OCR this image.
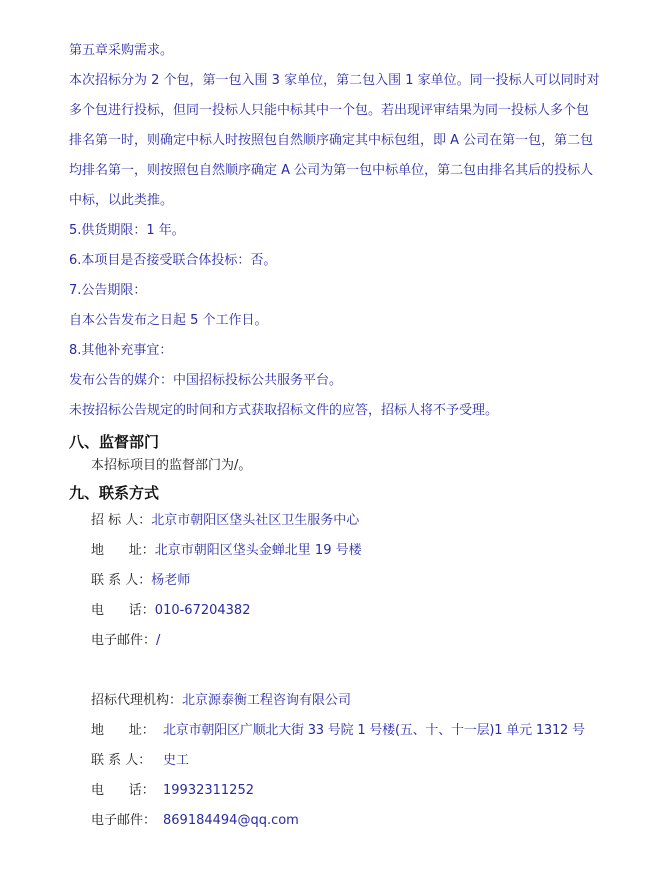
第五章采购需求。
本次招标分为 2 个包，第一包入围 3 家单位，第二包入围 1 家单位。同一投标人可以同时对
多个包进行投标，但同一投标人只能中标其中一个包。若出现评审结果为同一投标人多个包
排名第一时，则确定中标人时按照包自然顺序确定其中标包组，即 A 公司在第一包，第二包
均排名第一，则按照包自然顺序确定 A 公司为第一包中标单位，第二包由排名其后的投标人
中标，以此类推。
5.供货期限：1 年。
6.本项目是否接受联合体投标：否。
7.公告期限：
自本公告发布之日起 5 个工作日。
8.其他补充事宜：
发布公告的媒介：中国招标投标公共服务平台。
未按招标公告规定的时间和方式获取招标文件的应答，招标人将不予受理。
八、监督部门
本招标项目的监督部门为/。
九、联系方式
招 标 人：北京市朝阳区垡头社区卫生服务中心
地      址：北京市朝阳区垡头金蝉北里 19 号楼
联 系 人：杨老师
电      话：010-67204382
电子邮件：/
招标代理机构：北京源泰衡工程咨询有限公司
地      址： 北京市朝阳区广顺北大街 33 号院 1 号楼(五、十、十一层)1 单元 1312 号
联 系 人： 史工
电      话： 19932311252
电子邮件： 869184494@qq.com
